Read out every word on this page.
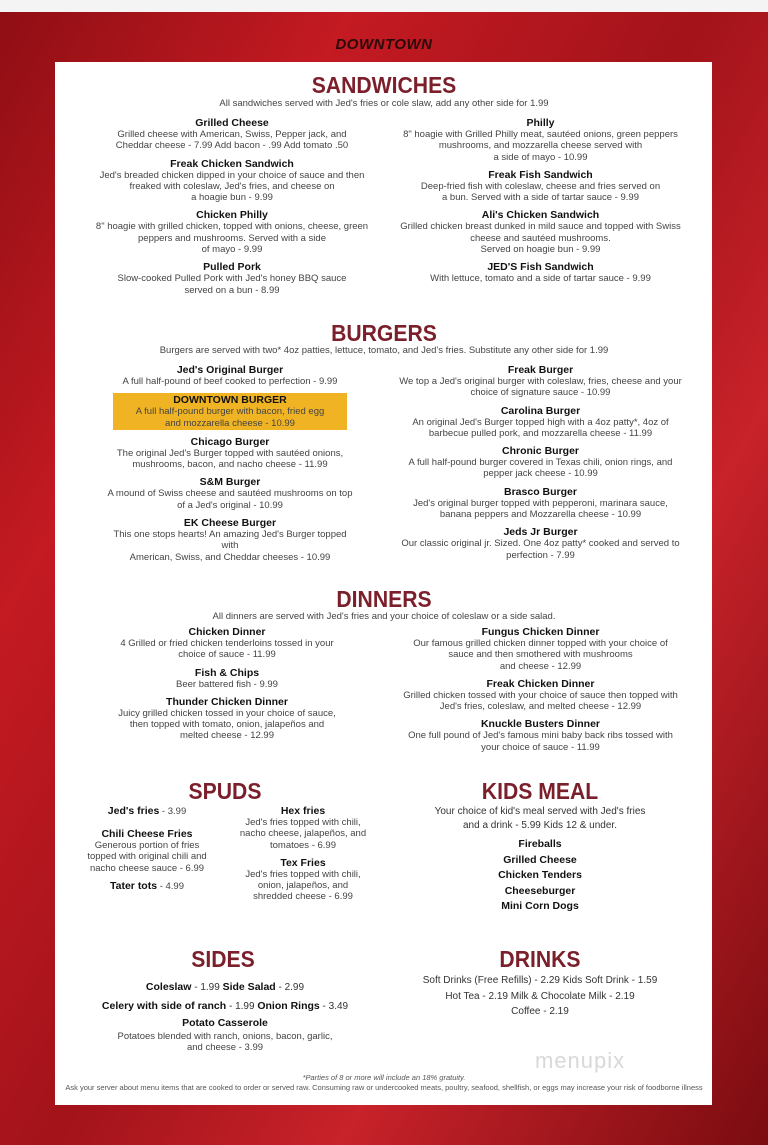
DOWNTOWN
SANDWICHES
All sandwiches served with Jed's fries or cole slaw, add any other side for 1.99
Grilled Cheese
Grilled cheese with American, Swiss, Pepper jack, and
Cheddar cheese - 7.99 Add bacon - .99 Add tomato .50
Freak Chicken Sandwich
Jed's breaded chicken dipped in your choice of sauce and then
freaked with coleslaw, Jed's fries, and cheese on
a hoagie bun - 9.99
Chicken Philly
8" hoagie with grilled chicken, topped with onions, cheese, green
peppers and mushrooms. Served with a side
of mayo - 9.99
Pulled Pork
Slow-cooked Pulled Pork with Jed's honey BBQ sauce
served on a bun - 8.99
Philly
8" hoagie with Grilled Philly meat, sautéed onions, green peppers
mushrooms, and mozzarella cheese served with
a side of mayo - 10.99
Freak Fish Sandwich
Deep-fried fish with coleslaw, cheese and fries served on
a bun. Served with a side of tartar sauce - 9.99
Ali's Chicken Sandwich
Grilled chicken breast dunked in mild sauce and topped with Swiss
cheese and sautéed mushrooms.
Served on hoagie bun - 9.99
JED'S Fish Sandwich
With lettuce, tomato and a side of tartar sauce - 9.99
BURGERS
Burgers are served with two* 4oz patties, lettuce, tomato, and Jed's fries. Substitute any other side for 1.99
Jed's Original Burger
A full half-pound of beef cooked to perfection - 9.99
DOWNTOWN BURGER
A full half-pound burger with bacon, fried egg
and mozzarella cheese - 10.99
Chicago Burger
The original Jed's Burger topped with sautéed onions,
mushrooms, bacon, and nacho cheese - 11.99
S&M Burger
A mound of Swiss cheese and sautéed mushrooms on top
of a Jed's original - 10.99
EK Cheese Burger
This one stops hearts! An amazing Jed's Burger topped with
American, Swiss, and Cheddar cheeses - 10.99
Freak Burger
We top a Jed's original burger with coleslaw, fries, cheese and your
choice of signature sauce - 10.99
Carolina Burger
An original Jed's Burger topped high with a 4oz patty*, 4oz of
barbecue pulled pork, and mozzarella cheese - 11.99
Chronic Burger
A full half-pound burger covered in Texas chili, onion rings, and
pepper jack cheese - 10.99
Brasco Burger
Jed's original burger topped with pepperoni, marinara sauce,
banana peppers and Mozzarella cheese - 10.99
Jeds Jr Burger
Our classic original jr. Sized. One 4oz patty* cooked and served to
perfection - 7.99
DINNERS
All dinners are served with Jed's fries and your choice of coleslaw or a side salad.
Chicken Dinner
4 Grilled or fried chicken tenderloins tossed in your
choice of sauce - 11.99
Fish & Chips
Beer battered fish - 9.99
Thunder Chicken Dinner
Juicy grilled chicken tossed in your choice of sauce,
then topped with tomato, onion, jalapeños and
melted cheese - 12.99
Fungus Chicken Dinner
Our famous grilled chicken dinner topped with your choice of
sauce and then smothered with mushrooms
and cheese - 12.99
Freak Chicken Dinner
Grilled chicken tossed with your choice of sauce then topped with
Jed's fries, coleslaw, and melted cheese - 12.99
Knuckle Busters Dinner
One full pound of Jed's famous mini baby back ribs tossed with
your choice of sauce - 11.99
SPUDS
Jed's fries - 3.99
Chili Cheese Fries
Generous portion of fries
topped with original chili and
nacho cheese sauce - 6.99
Tater tots - 4.99
Hex fries
Jed's fries topped with chili,
nacho cheese, jalapeños, and
tomatoes - 6.99
Tex Fries
Jed's fries topped with chili,
onion, jalapeños, and
shredded cheese - 6.99
KIDS MEAL
Your choice of kid's meal served with Jed's fries
and a drink - 5.99 Kids 12 & under.
Fireballs
Grilled Cheese
Chicken Tenders
Cheeseburger
Mini Corn Dogs
SIDES
Coleslaw - 1.99 Side Salad - 2.99
Celery with side of ranch - 1.99 Onion Rings - 3.49
Potato Casserole
Potatoes blended with ranch, onions, bacon, garlic,
and cheese - 3.99
DRINKS
Soft Drinks (Free Refills) - 2.29 Kids Soft Drink - 1.59
Hot Tea - 2.19 Milk & Chocolate Milk - 2.19
Coffee - 2.19
menupix
*Parties of 8 or more will include an 18% gratuity.
Ask your server about menu items that are cooked to order or served raw. Consuming raw or undercooked meats, poultry, seafood, shellfish, or eggs may increase your risk of foodborne illness
